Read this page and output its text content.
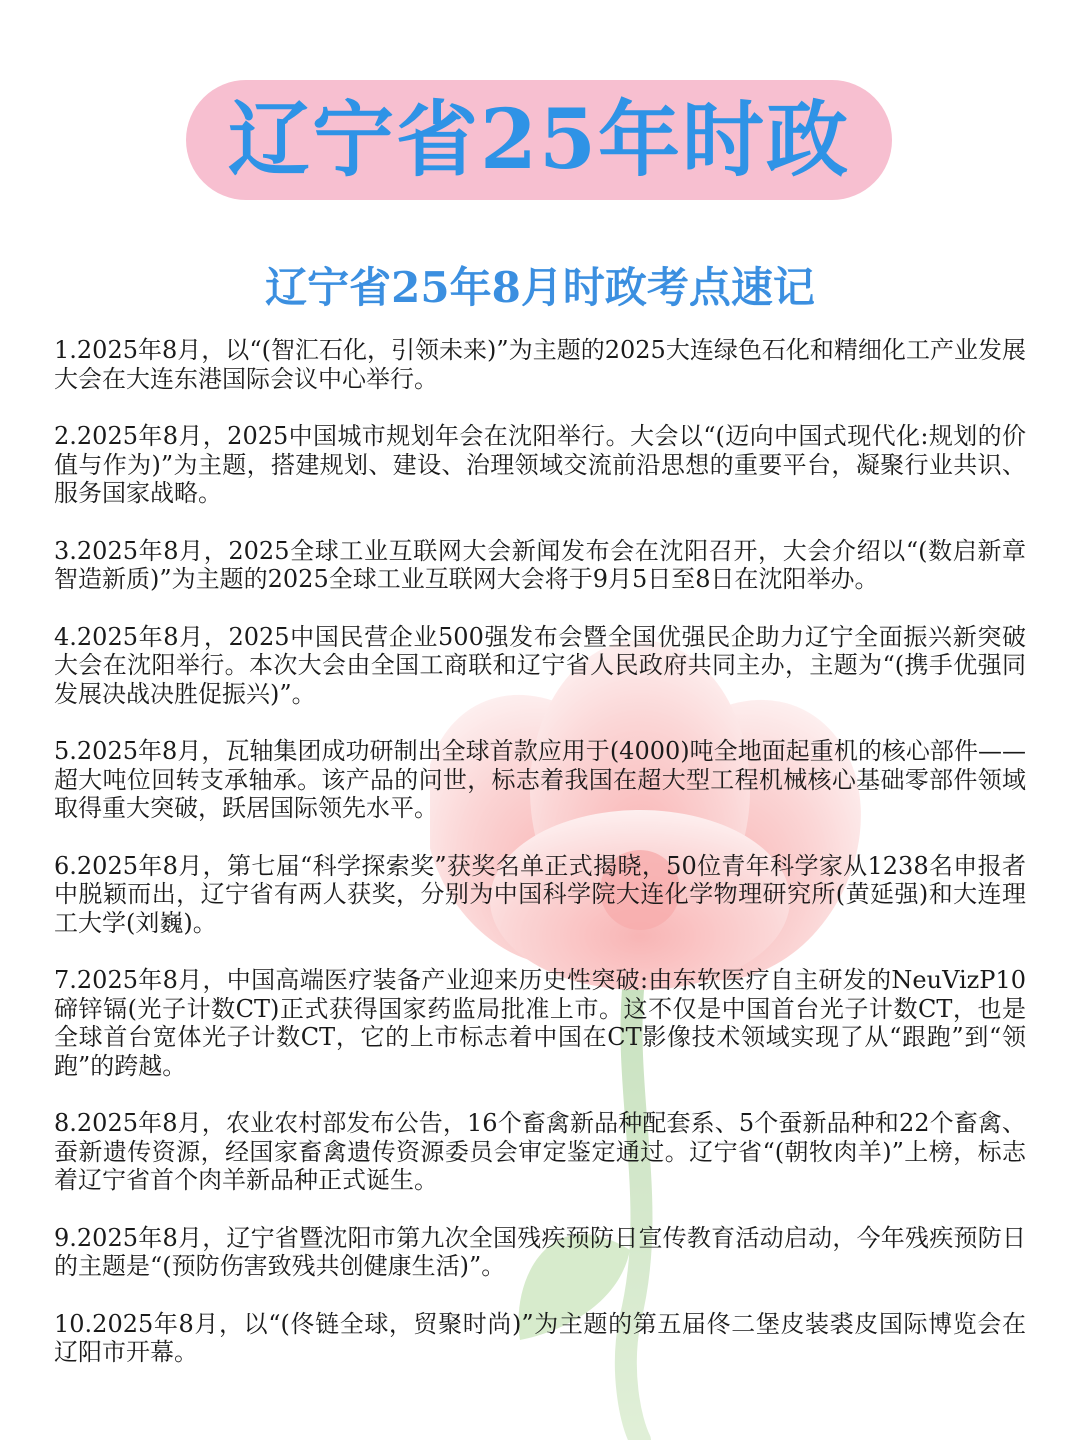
辽宁省25年时政
辽宁省25年8月时政考点速记
1.2025年8月，以“(智汇石化，引领未来)”为主题的2025大连绿色石化和精细化工产业发展大会在大连东港国际会议中心举行。
2.2025年8月，2025中国城市规划年会在沈阳举行。大会以“(迈向中国式现代化:规划的价值与作为)”为主题，搭建规划、建设、治理领域交流前沿思想的重要平台，凝聚行业共识、服务国家战略。
3.2025年8月，2025全球工业互联网大会新闻发布会在沈阳召开，大会介绍以“(数启新章智造新质)”为主题的2025全球工业互联网大会将于9月5日至8日在沈阳举办。
4.2025年8月，2025中国民营企业500强发布会暨全国优强民企助力辽宁全面振兴新突破大会在沈阳举行。本次大会由全国工商联和辽宁省人民政府共同主办，主题为“(携手优强同发展决战决胜促振兴)”。
5.2025年8月，瓦轴集团成功研制出全球首款应用于(4000)吨全地面起重机的核心部件——超大吨位回转支承轴承。该产品的问世，标志着我国在超大型工程机械核心基础零部件领域取得重大突破，跃居国际领先水平。
6.2025年8月，第七届“科学探索奖”获奖名单正式揭晓，50位青年科学家从1238名申报者中脱颖而出，辽宁省有两人获奖，分别为中国科学院大连化学物理研究所(黄延强)和大连理工大学(刘巍)。
7.2025年8月，中国高端医疗装备产业迎来历史性突破:由东软医疗自主研发的NeuVizP10 碲锌镉(光子计数CT)正式获得国家药监局批准上市。这不仅是中国首台光子计数CT，也是全球首台宽体光子计数CT，它的上市标志着中国在CT影像技术领域实现了从“跟跑”到“领跑”的跨越。
8.2025年8月，农业农村部发布公告，16个畜禽新品种配套系、5个蚕新品种和22个畜禽、蚕新遗传资源，经国家畜禽遗传资源委员会审定鉴定通过。辽宁省“(朝牧肉羊)”上榜，标志着辽宁省首个肉羊新品种正式诞生。
9.2025年8月，辽宁省暨沈阳市第九次全国残疾预防日宣传教育活动启动，今年残疾预防日的主题是“(预防伤害致残共创健康生活)”。
10.2025年8月，以“(佟链全球，贸聚时尚)”为主题的第五届佟二堡皮装裘皮国际博览会在辽阳市开幕。
